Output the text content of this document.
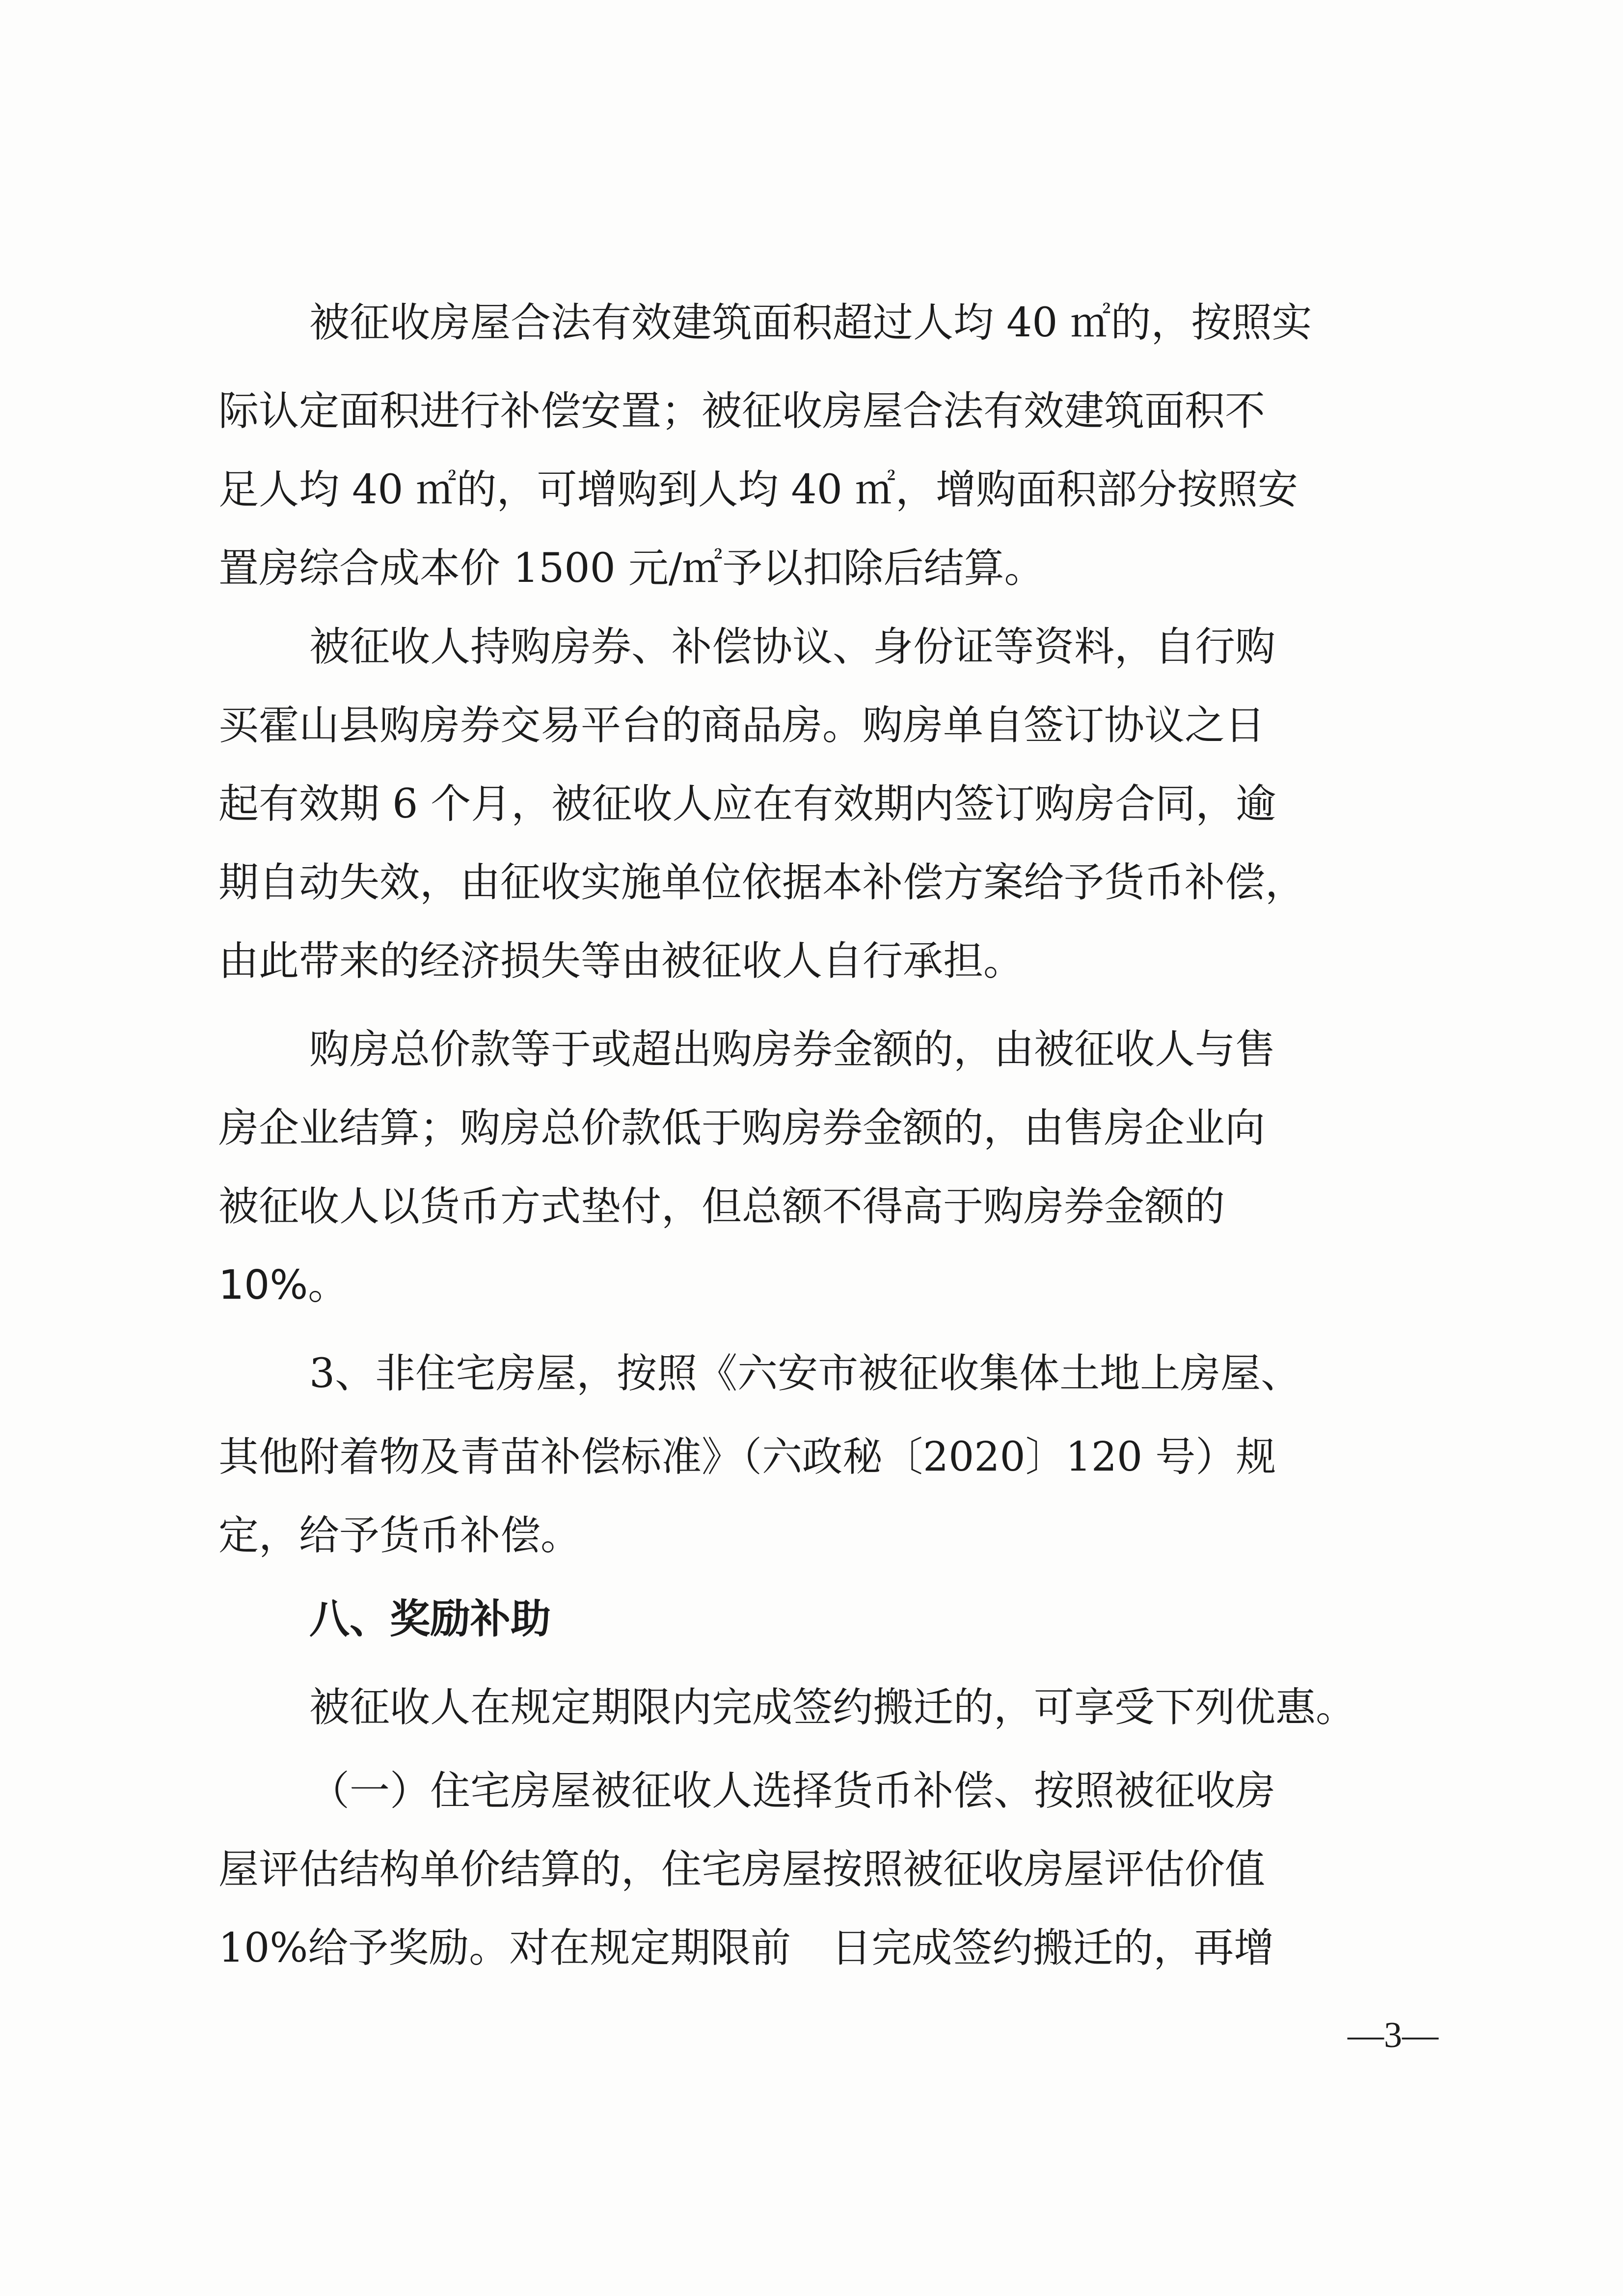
被征收房屋合法有效建筑面积超过人均 40 ㎡的，按照实
际认定面积进行补偿安置；被征收房屋合法有效建筑面积不
足人均 40 ㎡的，可增购到人均 40 ㎡，增购面积部分按照安
置房综合成本价 1500 元/㎡予以扣除后结算。
被征收人持购房券、补偿协议、身份证等资料，自行购
买霍山县购房券交易平台的商品房。购房单自签订协议之日
起有效期 6 个月，被征收人应在有效期内签订购房合同，逾
期自动失效，由征收实施单位依据本补偿方案给予货币补偿，
由此带来的经济损失等由被征收人自行承担。
购房总价款等于或超出购房券金额的，由被征收人与售
房企业结算；购房总价款低于购房券金额的，由售房企业向
被征收人以货币方式垫付，但总额不得高于购房券金额的
10%。
3、非住宅房屋，按照《六安市被征收集体土地上房屋、
其他附着物及青苗补偿标准》（六政秘〔2020〕120 号）规
定，给予货币补偿。
八、奖励补助
被征收人在规定期限内完成签约搬迁的，可享受下列优惠。
（一）住宅房屋被征收人选择货币补偿、按照被征收房
屋评估结构单价结算的，住宅房屋按照被征收房屋评估价值
10%给予奖励。对在规定期限前　日完成签约搬迁的，再增
—3—
